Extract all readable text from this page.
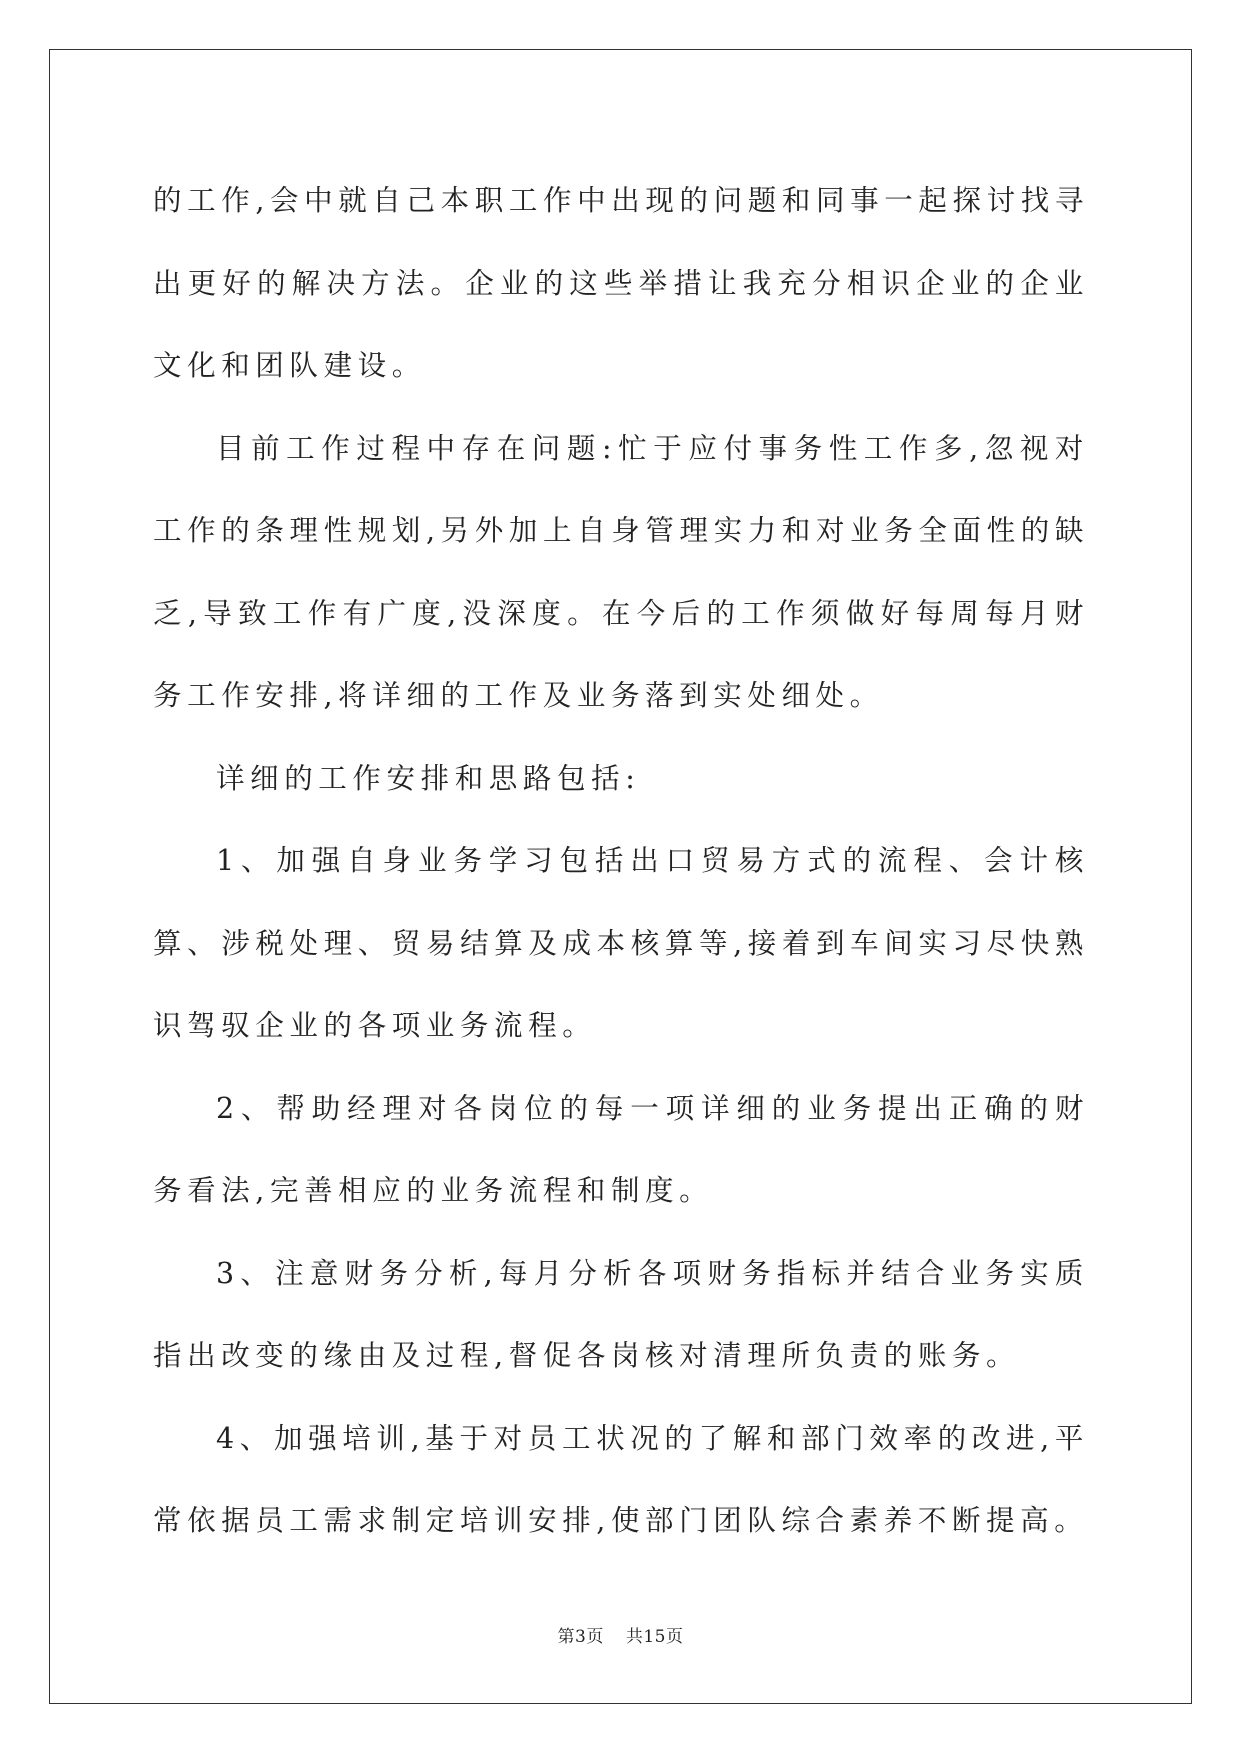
的工作,会中就自己本职工作中出现的问题和同事一起探讨找寻出更好的解决方法。企业的这些举措让我充分相识企业的企业文化和团队建设。

目前工作过程中存在问题:忙于应付事务性工作多,忽视对工作的条理性规划,另外加上自身管理实力和对业务全面性的缺乏,导致工作有广度,没深度。在今后的工作须做好每周每月财务工作安排,将详细的工作及业务落到实处细处。

详细的工作安排和思路包括:

1、加强自身业务学习包括出口贸易方式的流程、会计核算、涉税处理、贸易结算及成本核算等,接着到车间实习尽快熟识驾驭企业的各项业务流程。

2、帮助经理对各岗位的每一项详细的业务提出正确的财务看法,完善相应的业务流程和制度。

3、注意财务分析,每月分析各项财务指标并结合业务实质指出改变的缘由及过程,督促各岗核对清理所负责的账务。

4、加强培训,基于对员工状况的了解和部门效率的改进,平常依据员工需求制定培训安排,使部门团队综合素养不断提高。

第3页 共15页
